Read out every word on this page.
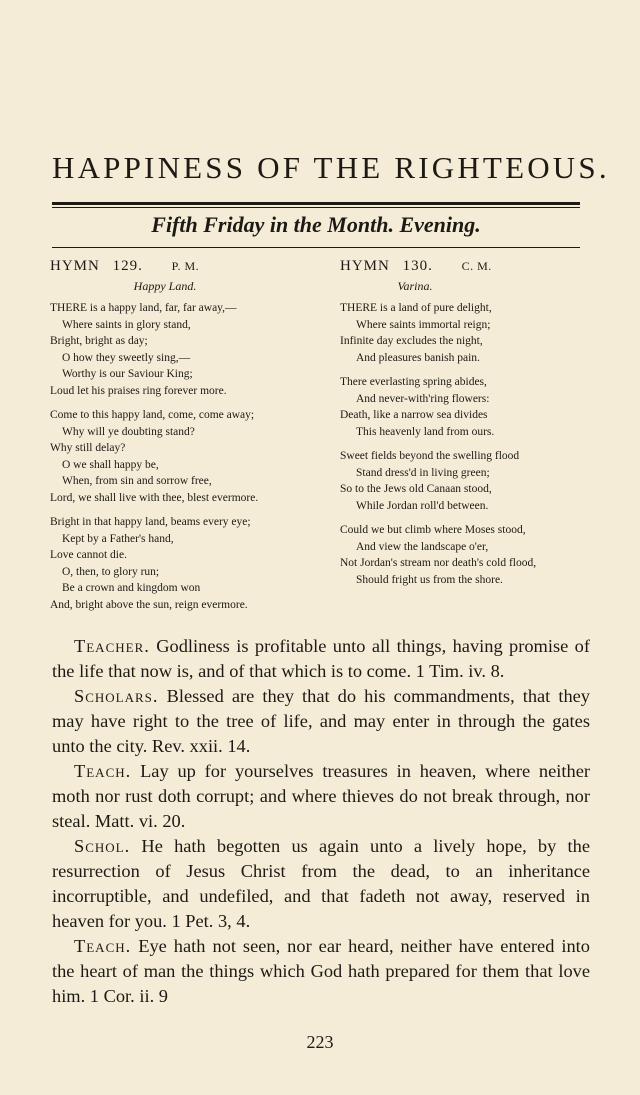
HAPPINESS OF THE RIGHTEOUS.
Fifth Friday in the Month. Evening.
HYMN 129. P. M.
Happy Land.
THERE is a happy land, far, far away,—
Where saints in glory stand,
Bright, bright as day;
O how they sweetly sing,—
Worthy is our Saviour King;
Loud let his praises ring forever more.
Come to this happy land, come, come away;
Why will ye doubting stand?
Why still delay?
O we shall happy be,
When, from sin and sorrow free,
Lord, we shall live with thee, blest evermore.
Bright in that happy land, beams every eye;
Kept by a Father's hand,
Love cannot die.
O, then, to glory run;
Be a crown and kingdom won
And, bright above the sun, reign evermore.
HYMN 130. C. M.
Varina.
THERE is a land of pure delight,
Where saints immortal reign;
Infinite day excludes the night,
And pleasures banish pain.
There everlasting spring abides,
And never-with'ring flowers:
Death, like a narrow sea divides
This heavenly land from ours.
Sweet fields beyond the swelling flood
Stand dress'd in living green;
So to the Jews old Canaan stood,
While Jordan roll'd between.
Could we but climb where Moses stood,
And view the landscape o'er,
Not Jordan's stream nor death's cold flood,
Should fright us from the shore.

Teacher. Godliness is profitable unto all things, having promise of the life that now is, and of that which is to come. 1 Tim. iv. 8.

Scholars. Blessed are they that do his commandments, that they may have right to the tree of life, and may enter in through the gates unto the city. Rev. xxii. 14.

Teach. Lay up for yourselves treasures in heaven, where neither moth nor rust doth corrupt; and where thieves do not break through, nor steal. Matt. vi. 20.

Schol. He hath begotten us again unto a lively hope, by the resurrection of Jesus Christ from the dead, to an inheritance incorruptible, and undefiled, and that fadeth not away, reserved in heaven for you. 1 Pet. 3, 4.

Teach. Eye hath not seen, nor ear heard, neither have entered into the heart of man the things which God hath prepared for them that love him. 1 Cor. ii. 9

223
